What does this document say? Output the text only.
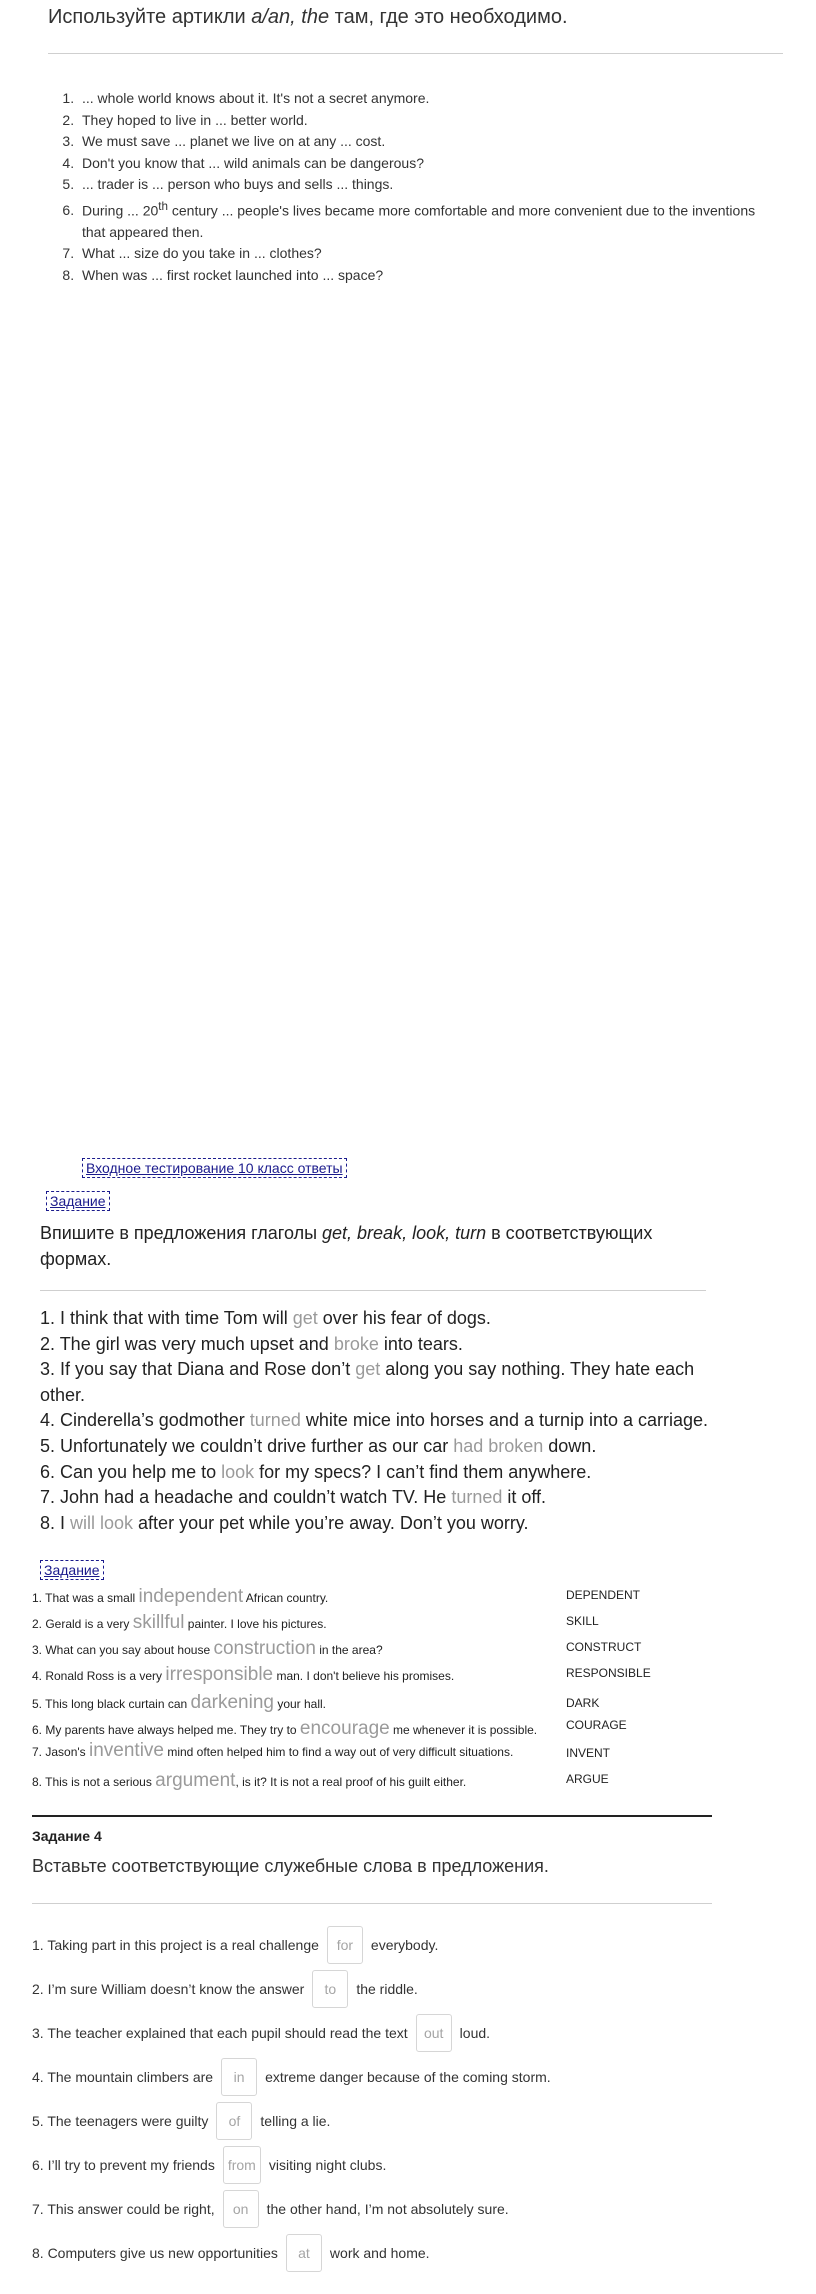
Используйте артикли a/an, the там, где это необходимо.
1. ... whole world knows about it. It's not a secret anymore.
2. They hoped to live in ... better world.
3. We must save ... planet we live on at any ... cost.
4. Don't you know that ... wild animals can be dangerous?
5. ... trader is ... person who buys and sells ... things.
6. During ... 20th century ... people's lives became more comfortable and more convenient due to the inventions that appeared then.
7. What ... size do you take in ... clothes?
8. When was ... first rocket launched into ... space?
Входное тестирование 10 класс ответы
Задание
Впишите в предложения глаголы get, break, look, turn в соответствующих формах.
1. I think that with time Tom will get over his fear of dogs.
2. The girl was very much upset and broke into tears.
3. If you say that Diana and Rose don’t get along you say nothing. They hate each other.
4. Cinderella’s godmother turned white mice into horses and a turnip into a carriage.
5. Unfortunately we couldn’t drive further as our car had broken down.
6. Can you help me to look for my specs? I can’t find them anywhere.
7. John had a headache and couldn’t watch TV. He turned it off.
8. I will look after your pet while you’re away. Don’t you worry.
Задание
1. That was a small independent African country.	DEPENDENT
2. Gerald is a very skillful painter. I love his pictures.	SKILL
3. What can you say about house construction in the area?	CONSTRUCT
4. Ronald Ross is a very irresponsible man. I don't believe his promises.	RESPONSIBLE
5. This long black curtain can darkening your hall.	DARK
6. My parents have always helped me. They try to encourage me whenever it is possible. COURAGE
7. Jason's inventive mind often helped him to find a way out of very difficult situations.	INVENT
8. This is not a serious argument, is it? It is not a real proof of his guilt either.	ARGUE
Задание 4
Вставьте соответствующие служебные слова в предложения.
1. Taking part in this project is a real challenge	for	everybody.
2. I’m sure William doesn’t know the answer	to	the riddle.
3. The teacher explained that each pupil should read the text	out	loud.
4. The mountain climbers are	in	extreme danger because of the coming storm.
5. The teenagers were guilty	of	telling a lie.
6. I’ll try to prevent my friends from visiting night clubs.
7. This answer could be right,	on	the other hand, I’m not absolutely sure.
8. Computers give us new opportunities	at	work and home.
